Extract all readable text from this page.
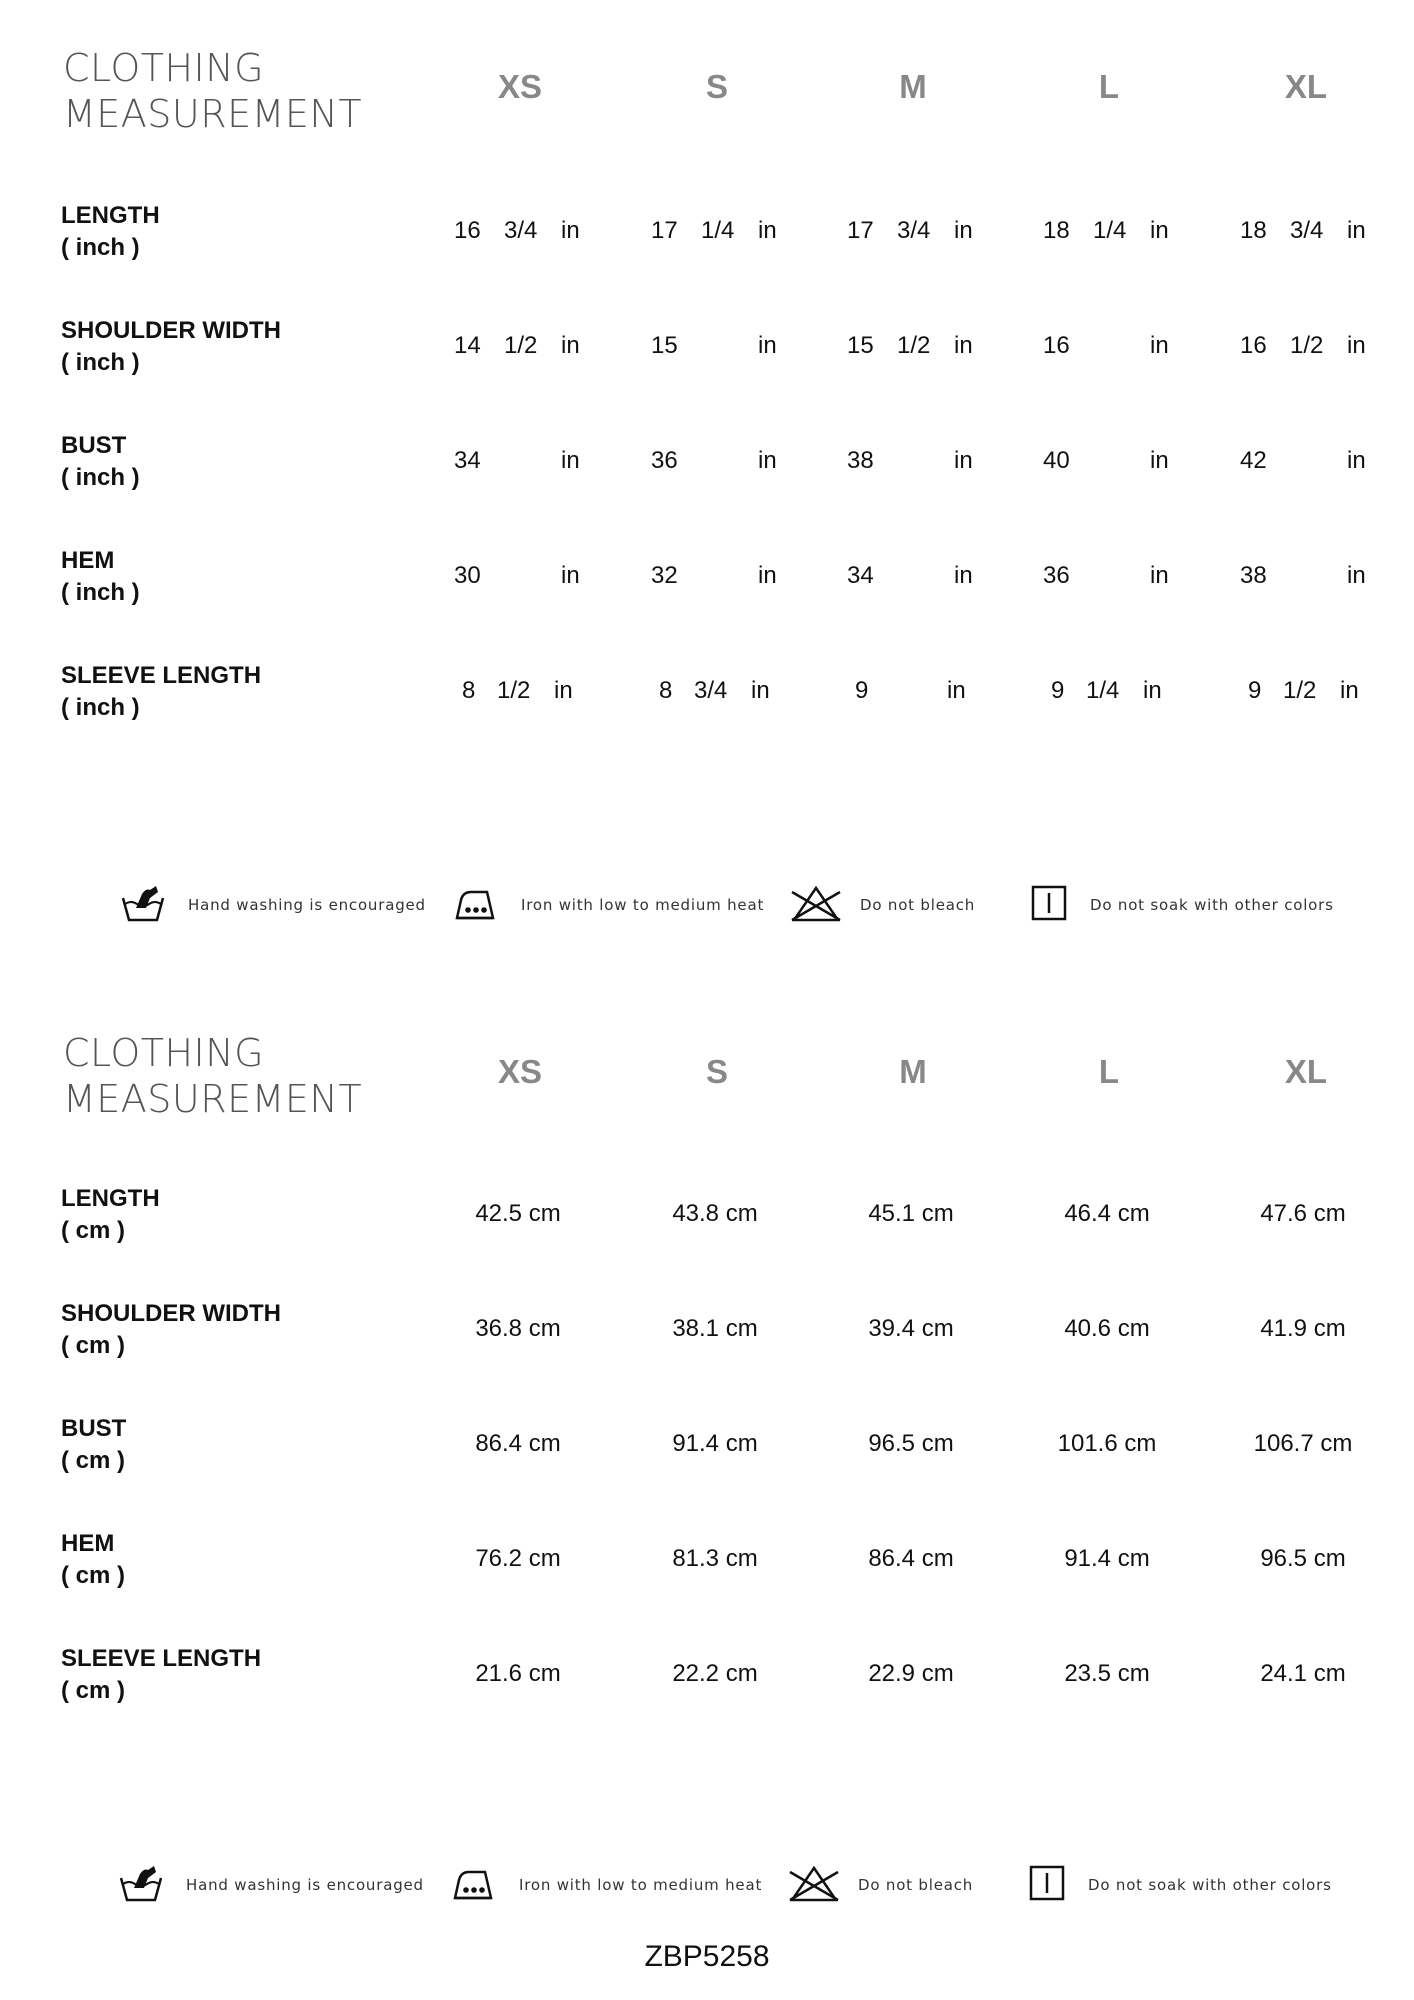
CLOTHING
MEASUREMENT
XS	S	M	L	XL
LENGTH
( inch )
16 3/4 in	17 1/4 in	17 3/4 in	18 1/4 in	18 3/4 in
SHOULDER WIDTH
( inch )
14 1/2 in	15	in	15 1/2 in	16	in	16 1/2 in
BUST
( inch )
34	in	36	in	38	in	40	in	42	in
HEM
( inch )
30	in	32	in	34	in	36	in	38	in
SLEEVE LENGTH
( inch )
8 1/2 in	8 3/4 in	9	in	9 1/4 in	9 1/2 in
Hand washing is encouraged	Iron with low to medium heat	Do not bleach	Do not soak with other colors
CLOTHING
MEASUREMENT
XS	S	M	L	XL
LENGTH
( cm )
42.5 cm	43.8 cm	45.1 cm	46.4 cm	47.6 cm
SHOULDER WIDTH
( cm )
36.8 cm	38.1 cm	39.4 cm	40.6 cm	41.9 cm
BUST
( cm )
86.4 cm	91.4 cm	96.5 cm	101.6 cm	106.7 cm
HEM
( cm )
76.2 cm	81.3 cm	86.4 cm	91.4 cm	96.5 cm
SLEEVE LENGTH
( cm )
21.6 cm	22.2 cm	22.9 cm	23.5 cm	24.1 cm
Hand washing is encouraged	Iron with low to medium heat	Do not bleach	Do not soak with other colors
ZBP5258
